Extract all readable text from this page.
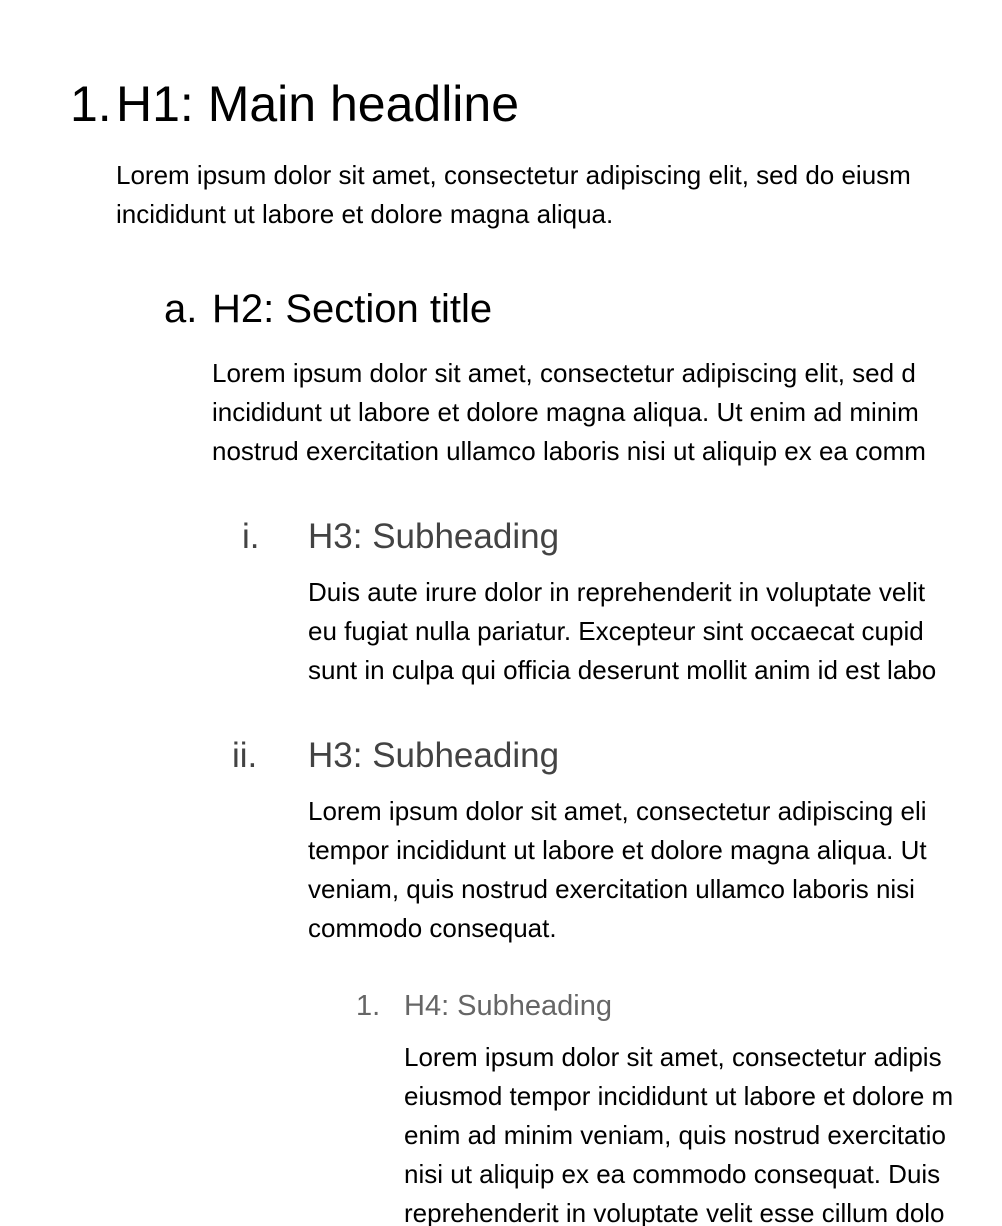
1. H1: Main headline
Lorem ipsum dolor sit amet, consectetur adipiscing elit, sed do eiusm
incididunt ut labore et dolore magna aliqua.
a. H2: Section title
Lorem ipsum dolor sit amet, consectetur adipiscing elit, sed d
incididunt ut labore et dolore magna aliqua. Ut enim ad minim
nostrud exercitation ullamco laboris nisi ut aliquip ex ea comm
i. H3: Subheading
Duis aute irure dolor in reprehenderit in voluptate velit
eu fugiat nulla pariatur. Excepteur sint occaecat cupid
sunt in culpa qui officia deserunt mollit anim id est labo
ii. H3: Subheading
Lorem ipsum dolor sit amet, consectetur adipiscing eli
tempor incididunt ut labore et dolore magna aliqua. Ut
veniam, quis nostrud exercitation ullamco laboris nisi
commodo consequat.
1. H4: Subheading
Lorem ipsum dolor sit amet, consectetur adipis
eiusmod tempor incididunt ut labore et dolore m
enim ad minim veniam, quis nostrud exercitatio
nisi ut aliquip ex ea commodo consequat. Duis
reprehenderit in voluptate velit esse cillum dolo
